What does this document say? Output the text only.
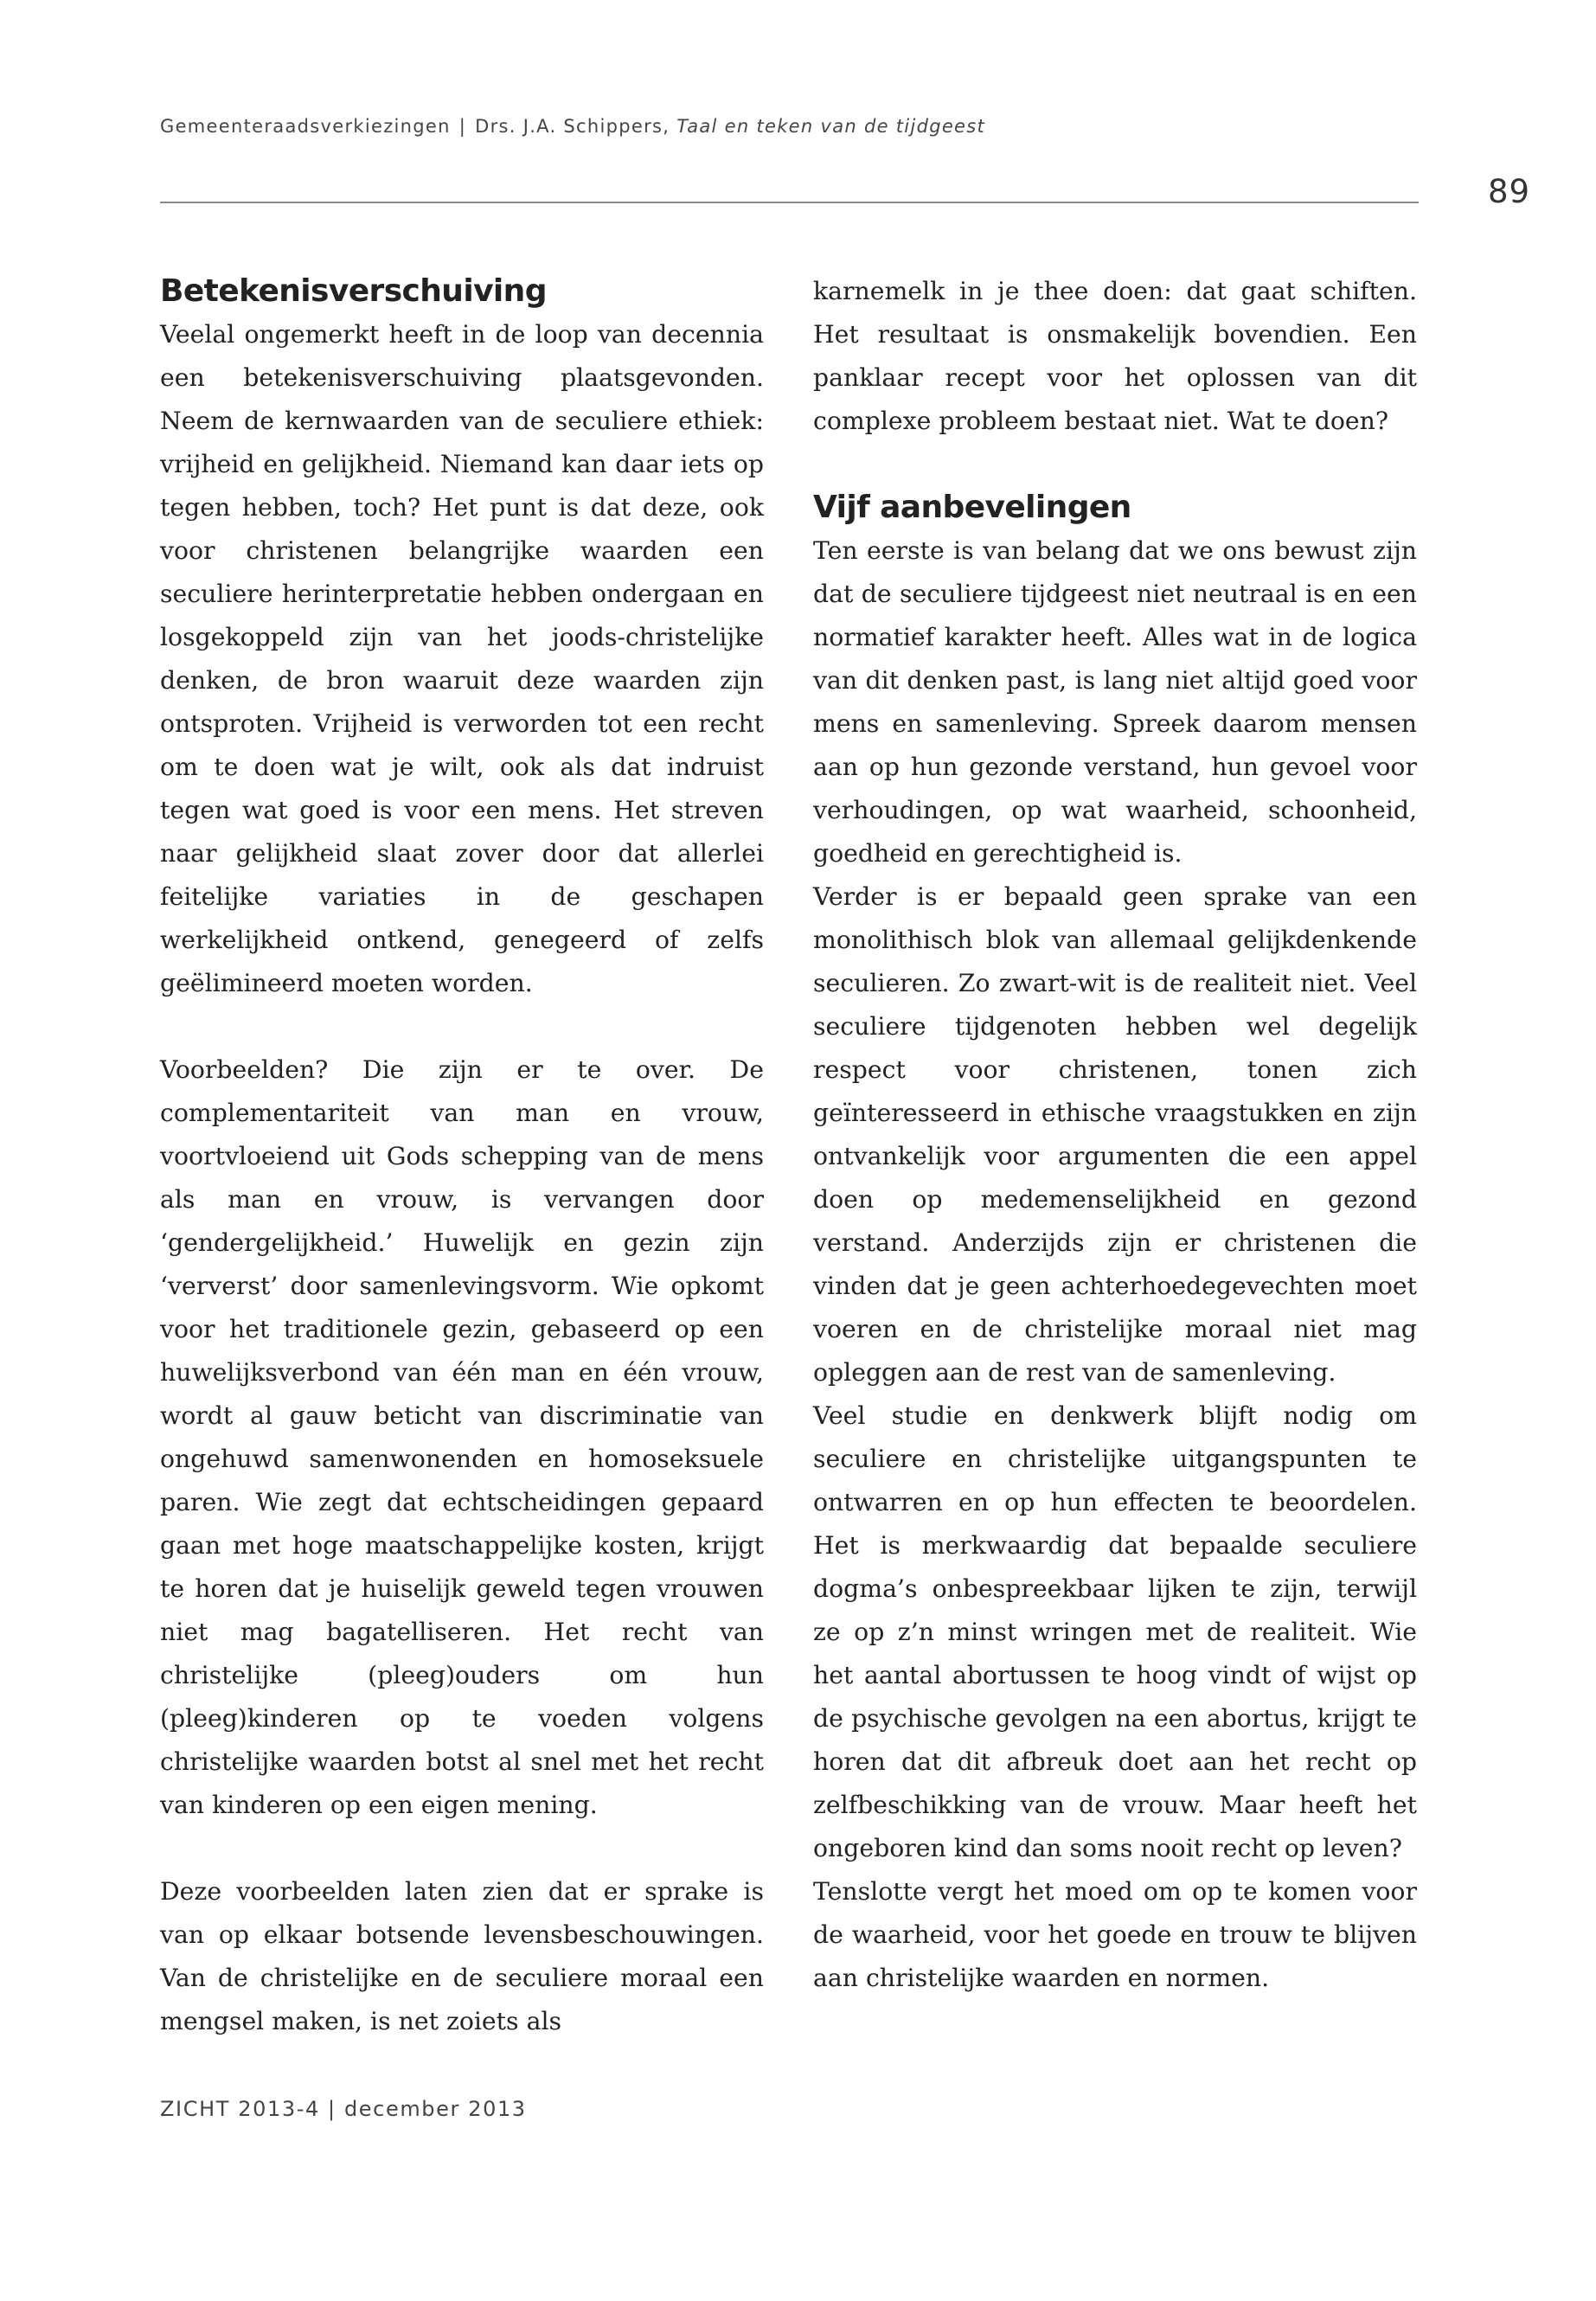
Gemeenteraadsverkiezingen | Drs. J.A. Schippers, Taal en teken van de tijdgeest
89
Betekenisverschuiving

Veelal ongemerkt heeft in de loop van decennia een betekenisverschuiving plaatsgevonden. Neem de kernwaarden van de seculiere ethiek: vrijheid en gelijkheid. Niemand kan daar iets op tegen hebben, toch? Het punt is dat deze, ook voor christenen belangrijke waarden een seculiere herinterpretatie hebben ondergaan en losgekoppeld zijn van het joods-christelijke denken, de bron waaruit deze waarden zijn ontsproten. Vrijheid is verworden tot een recht om te doen wat je wilt, ook als dat indruist tegen wat goed is voor een mens. Het streven naar gelijkheid slaat zover door dat allerlei feitelijke variaties in de geschapen werkelijkheid ontkend, genegeerd of zelfs geëlimineerd moeten worden.

Voorbeelden? Die zijn er te over. De complementariteit van man en vrouw, voortvloeiend uit Gods schepping van de mens als man en vrouw, is vervangen door ‘gendergelijkheid.’ Huwelijk en gezin zijn ‘ververst’ door samenlevingsvorm. Wie opkomt voor het traditionele gezin, gebaseerd op een huwelijksverbond van één man en één vrouw, wordt al gauw beticht van discriminatie van ongehuwd samenwonenden en homoseksuele paren. Wie zegt dat echtscheidingen gepaard gaan met hoge maatschappelijke kosten, krijgt te horen dat je huiselijk geweld tegen vrouwen niet mag bagatelliseren. Het recht van christelijke (pleeg)ouders om hun (pleeg)kinderen op te voeden volgens christelijke waarden botst al snel met het recht van kinderen op een eigen mening.

Deze voorbeelden laten zien dat er sprake is van op elkaar botsende levensbeschouwingen. Van de christelijke en de seculiere moraal een mengsel maken, is net zoiets als

karnemelk in je thee doen: dat gaat schiften. Het resultaat is onsmakelijk bovendien. Een panklaar recept voor het oplossen van dit complexe probleem bestaat niet. Wat te doen?

Vijf aanbevelingen

Ten eerste is van belang dat we ons bewust zijn dat de seculiere tijdgeest niet neutraal is en een normatief karakter heeft. Alles wat in de logica van dit denken past, is lang niet altijd goed voor mens en samenleving. Spreek daarom mensen aan op hun gezonde verstand, hun gevoel voor verhoudingen, op wat waarheid, schoonheid, goedheid en gerechtigheid is.

Verder is er bepaald geen sprake van een monolithisch blok van allemaal gelijkdenkende seculieren. Zo zwart-wit is de realiteit niet. Veel seculiere tijdgenoten hebben wel degelijk respect voor christenen, tonen zich geïnteresseerd in ethische vraagstukken en zijn ontvankelijk voor argumenten die een appel doen op medemenselijkheid en gezond verstand. Anderzijds zijn er christenen die vinden dat je geen achterhoedegevechten moet voeren en de christelijke moraal niet mag opleggen aan de rest van de samenleving.

Veel studie en denkwerk blijft nodig om seculiere en christelijke uitgangspunten te ontwarren en op hun effecten te beoordelen. Het is merkwaardig dat bepaalde seculiere dogma’s onbespreekbaar lijken te zijn, terwijl ze op z’n minst wringen met de realiteit. Wie het aantal abortussen te hoog vindt of wijst op de psychische gevolgen na een abortus, krijgt te horen dat dit afbreuk doet aan het recht op zelfbeschikking van de vrouw. Maar heeft het ongeboren kind dan soms nooit recht op leven?

Tenslotte vergt het moed om op te komen voor de waarheid, voor het goede en trouw te blijven aan christelijke waarden en normen.

ZICHT 2013-4 | december 2013
